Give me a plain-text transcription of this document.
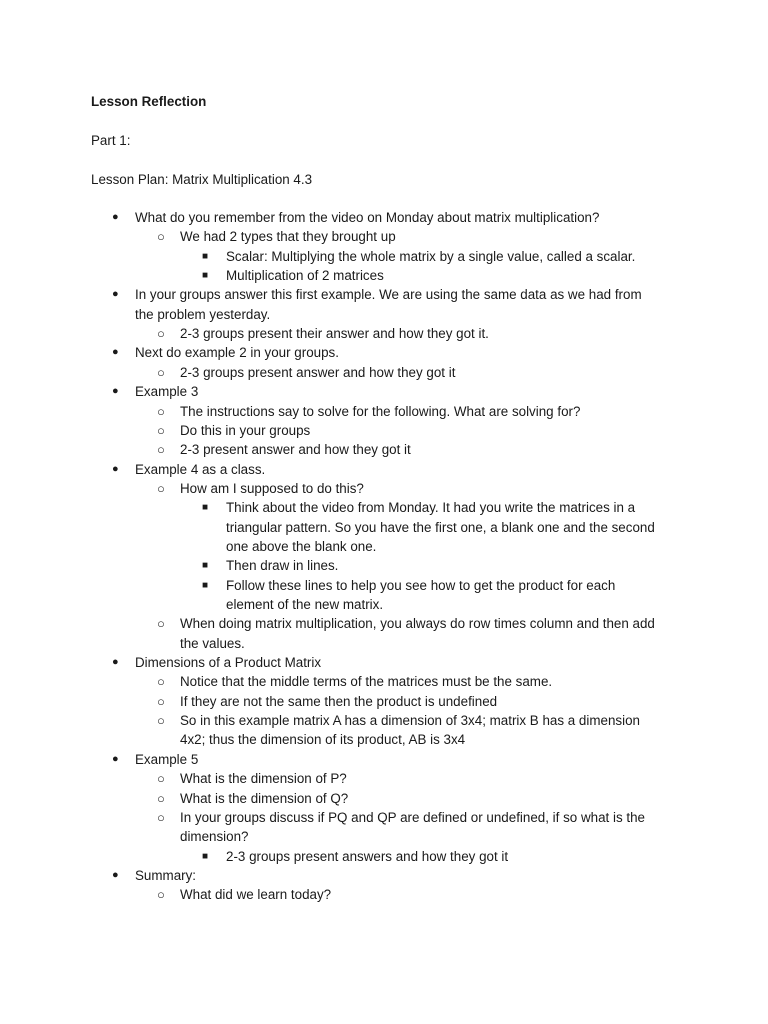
Lesson Reflection
Part 1:
Lesson Plan: Matrix Multiplication 4.3
● What do you remember from the video on Monday about matrix multiplication?
○ We had 2 types that they brought up
■ Scalar: Multiplying the whole matrix by a single value, called a scalar.
■ Multiplication of 2 matrices
● In your groups answer this first example. We are using the same data as we had from
the problem yesterday.
○ 2-3 groups present their answer and how they got it.
● Next do example 2 in your groups.
○ 2-3 groups present answer and how they got it
● Example 3
○ The instructions say to solve for the following. What are solving for?
○ Do this in your groups
○ 2-3 present answer and how they got it
● Example 4 as a class.
○ How am I supposed to do this?
■ Think about the video from Monday. It had you write the matrices in a
triangular pattern. So you have the first one, a blank one and the second
one above the blank one.
■ Then draw in lines.
■ Follow these lines to help you see how to get the product for each
element of the new matrix.
○ When doing matrix multiplication, you always do row times column and then add
the values.
● Dimensions of a Product Matrix
○ Notice that the middle terms of the matrices must be the same.
○ If they are not the same then the product is undefined
○ So in this example matrix A has a dimension of 3x4; matrix B has a dimension
4x2; thus the dimension of its product, AB is 3x4
● Example 5
○ What is the dimension of P?
○ What is the dimension of Q?
○ In your groups discuss if PQ and QP are defined or undefined, if so what is the
dimension?
■ 2-3 groups present answers and how they got it
● Summary:
○ What did we learn today?
